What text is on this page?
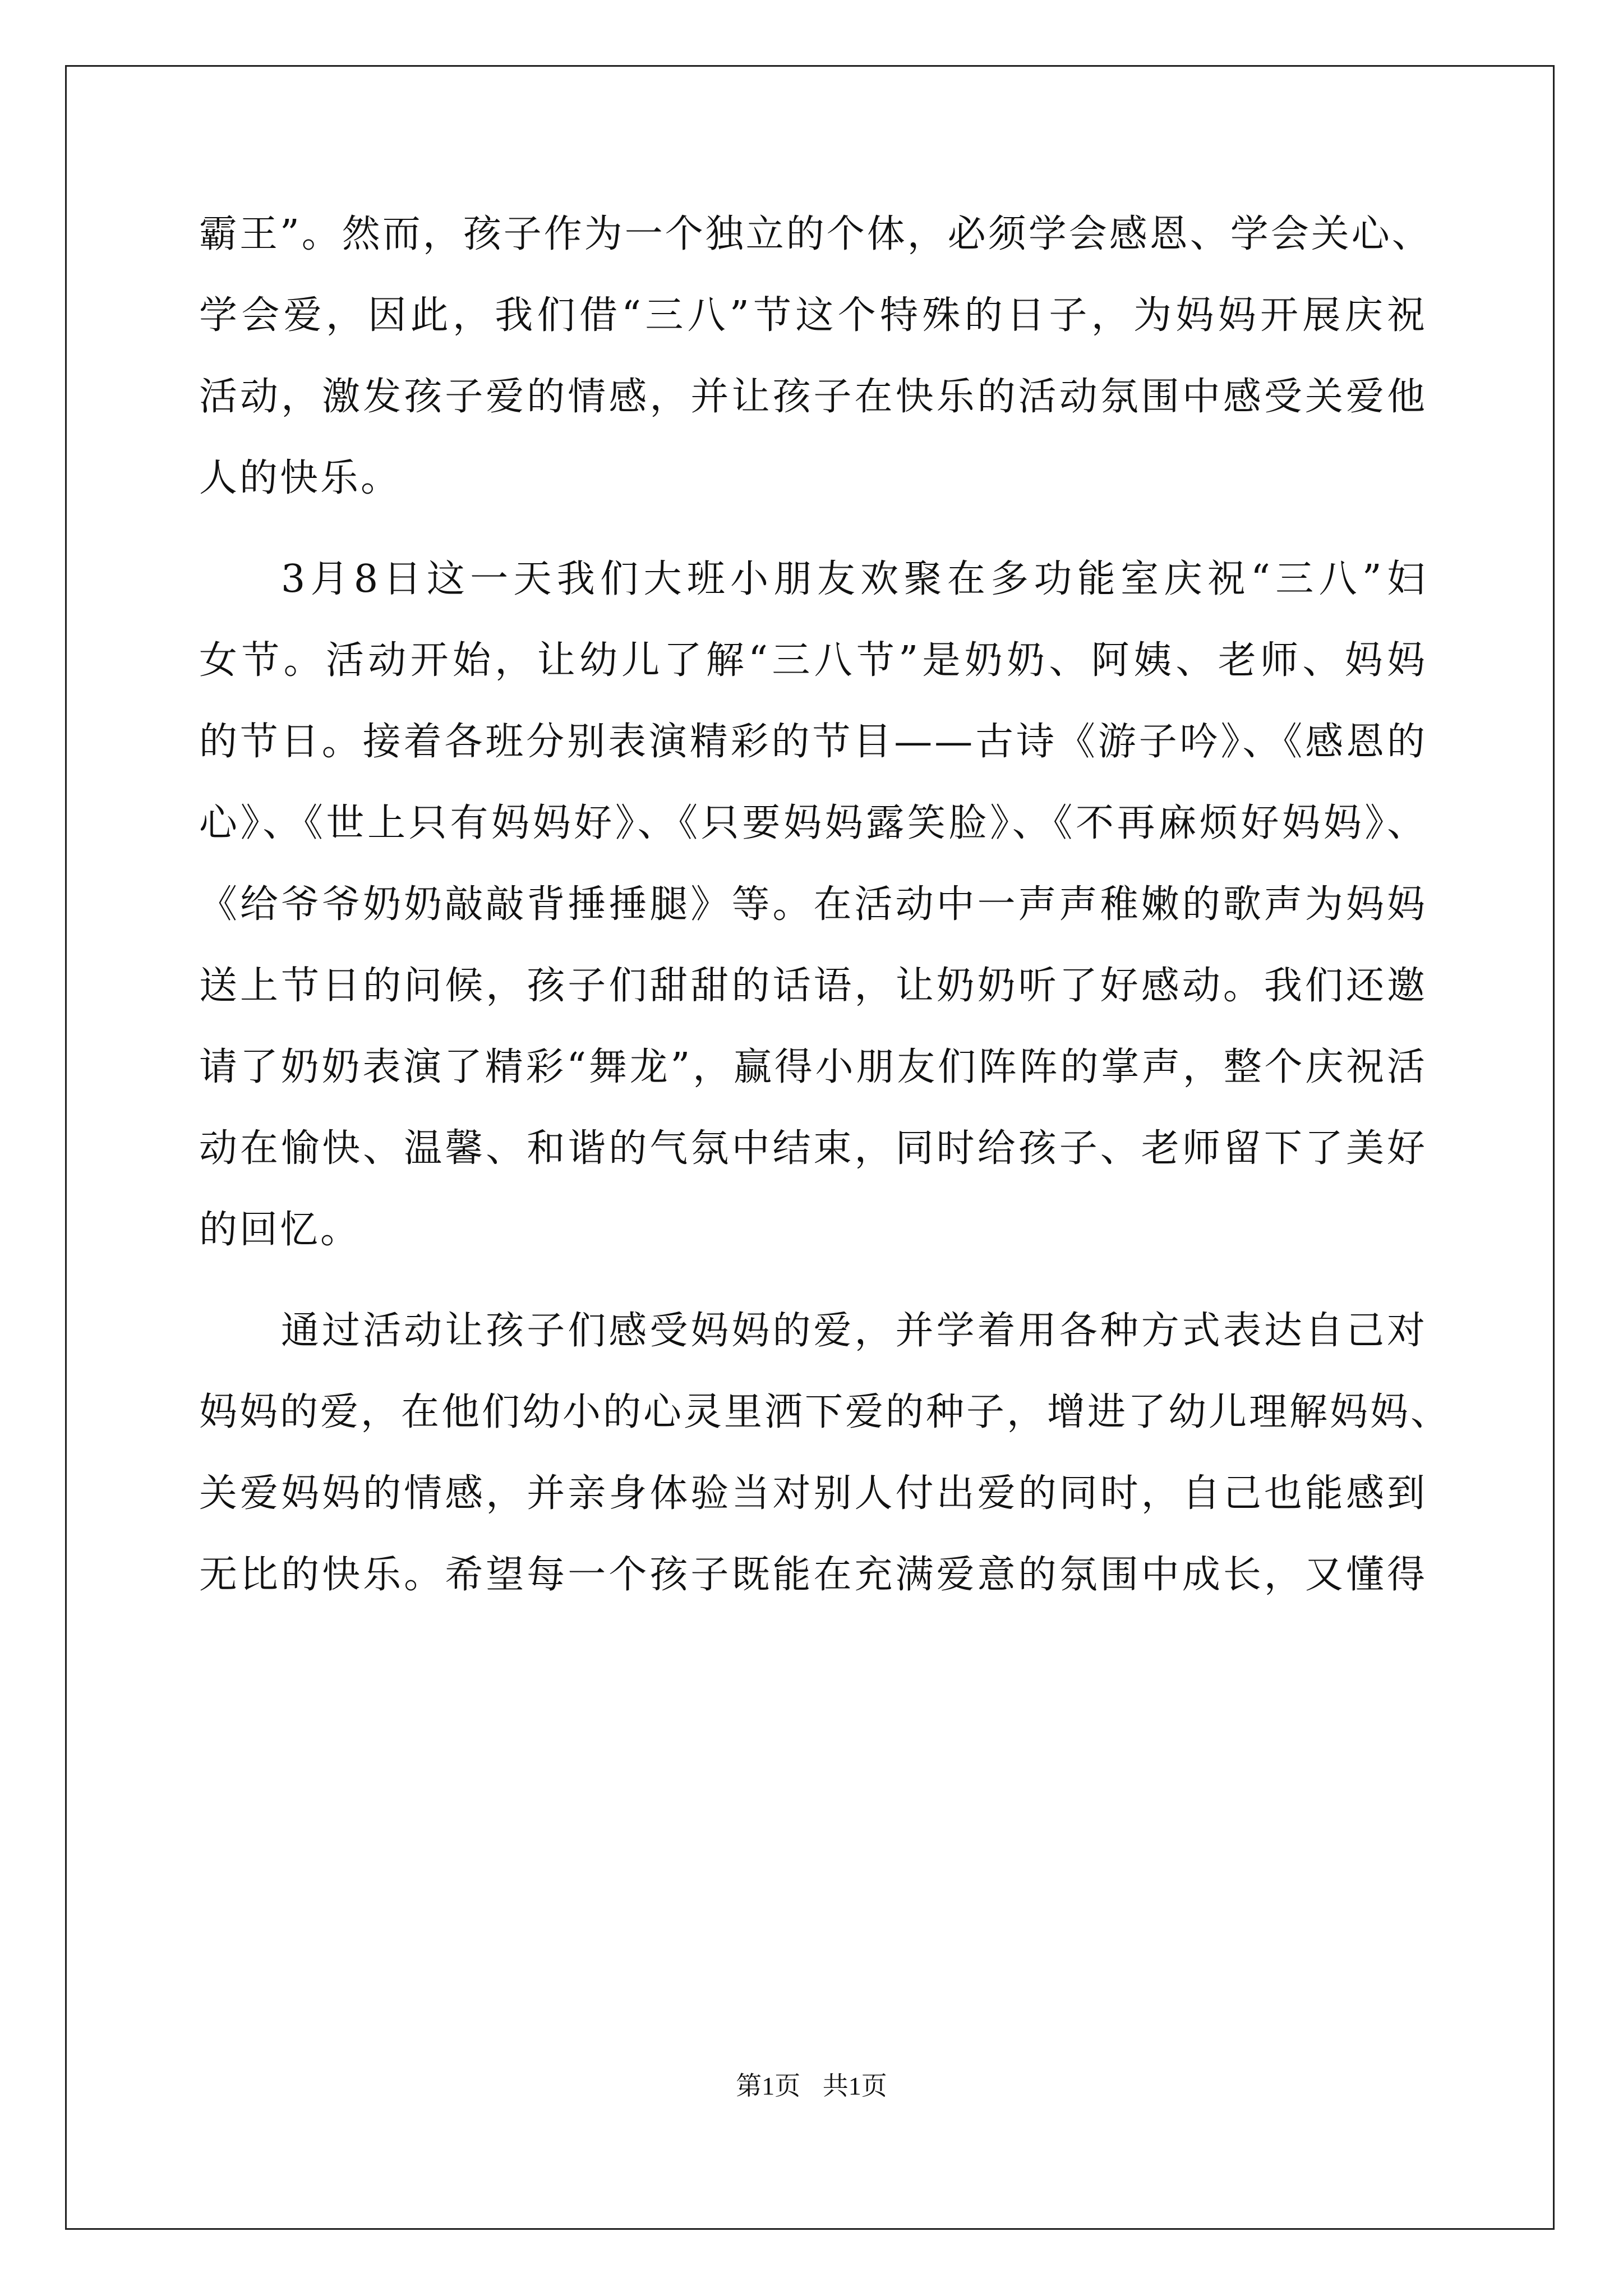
霸王”。然而，孩子作为一个独立的个体，必须学会感恩、学会关心、
学会爱，因此，我们借“三八”节这个特殊的日子，为妈妈开展庆祝
活动，激发孩子爱的情感，并让孩子在快乐的活动氛围中感受关爱他
人的快乐。
3月8日这一天我们大班小朋友欢聚在多功能室庆祝“三八”妇
女节。活动开始，让幼儿了解“三八节”是奶奶、阿姨、老师、妈妈
的节日。接着各班分别表演精彩的节目——古诗《游子吟》、《感恩的
心》、《世上只有妈妈好》、《只要妈妈露笑脸》、《不再麻烦好妈妈》、
《给爷爷奶奶敲敲背捶捶腿》等。在活动中一声声稚嫩的歌声为妈妈
送上节日的问候，孩子们甜甜的话语，让奶奶听了好感动。我们还邀
请了奶奶表演了精彩“舞龙”，赢得小朋友们阵阵的掌声，整个庆祝活
动在愉快、温馨、和谐的气氛中结束，同时给孩子、老师留下了美好
的回忆。
通过活动让孩子们感受妈妈的爱，并学着用各种方式表达自己对
妈妈的爱，在他们幼小的心灵里洒下爱的种子，增进了幼儿理解妈妈、
关爱妈妈的情感，并亲身体验当对别人付出爱的同时，自己也能感到
无比的快乐。希望每一个孩子既能在充满爱意的氛围中成长，又懂得
第1页 共1页
